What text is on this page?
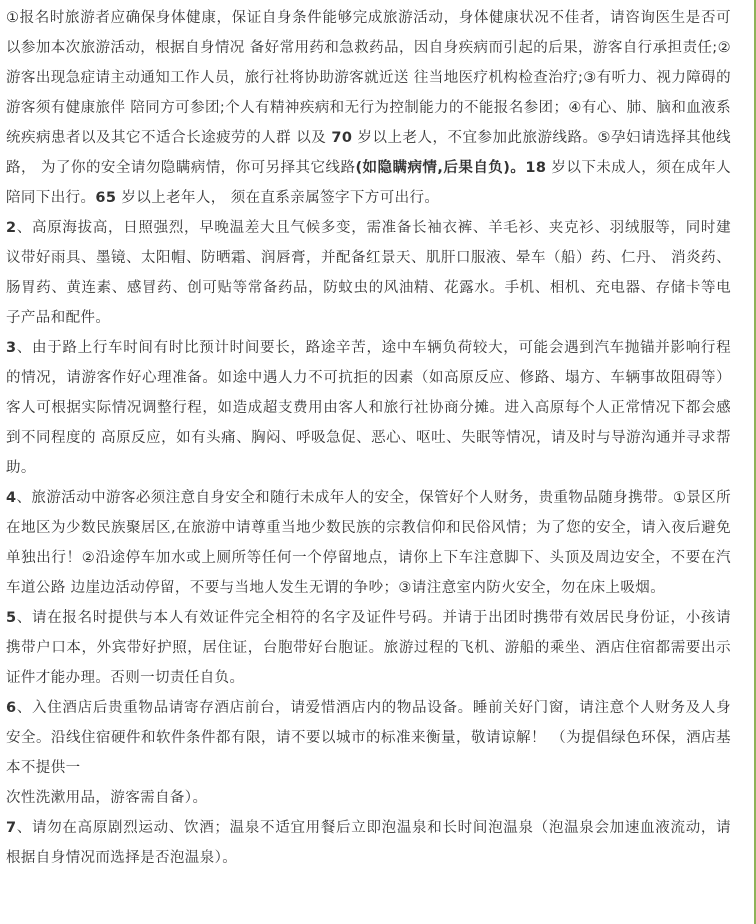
①报名时旅游者应确保身体健康，保证自身条件能够完成旅游活动，身体健康状况不佳者，请咨询医生是否可以参加本次旅游活动，根据自身情况 备好常用药和急救药品，因自身疾病而引起的后果，游客自行承担责任;②游客出现急症请主动通知工作人员，旅行社将协助游客就近送 往当地医疗机构检查治疗;③有听力、视力障碍的游客须有健康旅伴 陪同方可参团;个人有精神疾病和无行为控制能力的不能报名参团；④有心、肺、脑和血液系统疾病患者以及其它不适合长途疲劳的人群 以及 70 岁以上老人，不宜参加此旅游线路。⑤孕妇请选择其他线路， 为了你的安全请勿隐瞒病情，你可另择其它线路(如隐瞒病情,后果自负)。18 岁以下未成人，须在成年人陪同下出行。65 岁以上老年人， 须在直系亲属签字下方可出行。

2、高原海拔高，日照强烈，早晚温差大且气候多变，需准备长袖衣裤、羊毛衫、夹克衫、羽绒服等，同时建议带好雨具、墨镜、太阳帽、防晒霜、润唇膏，并配备红景天、肌肝口服液、晕车（船）药、仁丹、 消炎药、肠胃药、黄连素、感冒药、创可贴等常备药品，防蚊虫的风油精、花露水。手机、相机、充电器、存储卡等电子产品和配件。

3、由于路上行车时间有时比预计时间要长，路途辛苦，途中车辆负荷较大，可能会遇到汽车抛锚并影响行程的情况，请游客作好心理准备。如途中遇人力不可抗拒的因素（如高原反应、修路、塌方、车辆事故阻碍等）客人可根据实际情况调整行程，如造成超支费用由客人和旅行社协商分摊。进入高原每个人正常情况下都会感到不同程度的 高原反应，如有头痛、胸闷、呼吸急促、恶心、呕吐、失眠等情况，请及时与导游沟通并寻求帮助。

4、旅游活动中游客必须注意自身安全和随行未成年人的安全，保管好个人财务，贵重物品随身携带。①景区所在地区为少数民族聚居区,在旅游中请尊重当地少数民族的宗教信仰和民俗风情；为了您的安全，请入夜后避免单独出行！②沿途停车加水或上厕所等任何一个停留地点，请你上下车注意脚下、头顶及周边安全，不要在汽车道公路 边崖边活动停留，不要与当地人发生无谓的争吵；③请注意室内防火安全，勿在床上吸烟。

5、请在报名时提供与本人有效证件完全相符的名字及证件号码。并请于出团时携带有效居民身份证，小孩请携带户口本，外宾带好护照，居住证，台胞带好台胞证。旅游过程的飞机、游船的乘坐、酒店住宿都需要出示证件才能办理。否则一切责任自负。

6、入住酒店后贵重物品请寄存酒店前台，请爱惜酒店内的物品设备。睡前关好门窗，请注意个人财务及人身安全。沿线住宿硬件和软件条件都有限，请不要以城市的标准来衡量，敬请谅解！ （为提倡绿色环保，酒店基本不提供一

次性洗漱用品，游客需自备）。

7、请勿在高原剧烈运动、饮酒；温泉不适宜用餐后立即泡温泉和长时间泡温泉（泡温泉会加速血液流动，请根据自身情况而选择是否泡温泉）。
